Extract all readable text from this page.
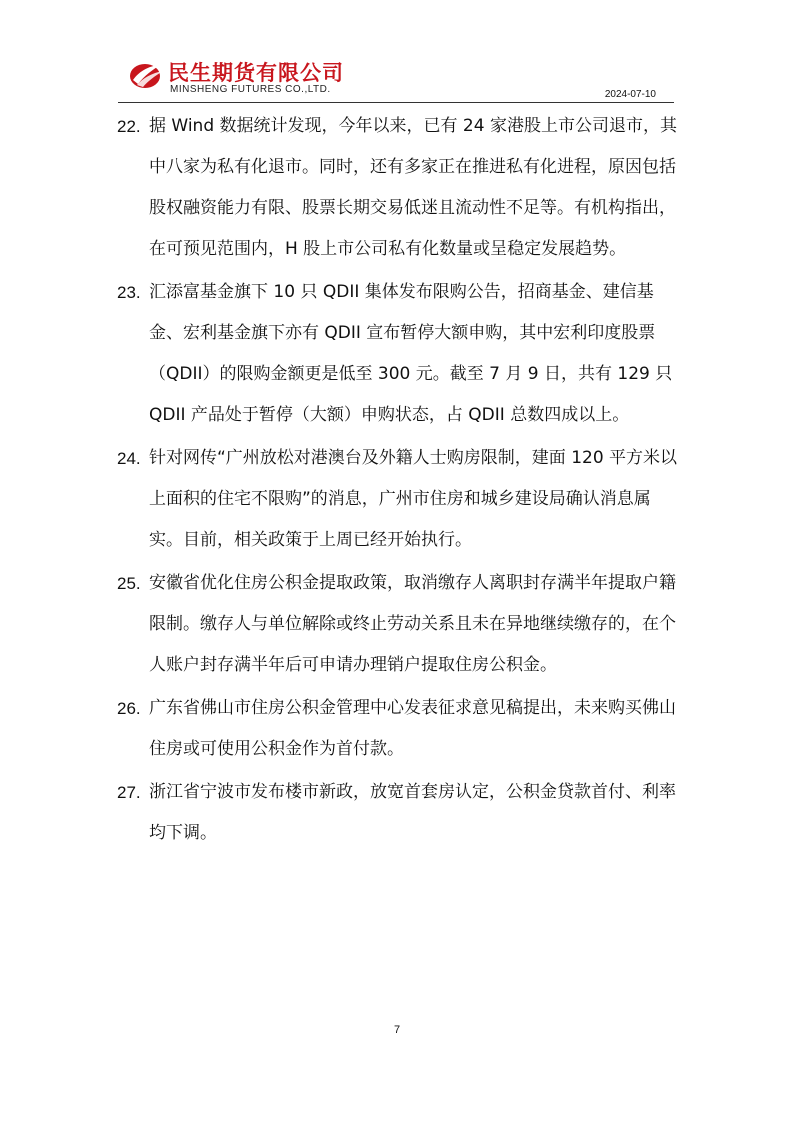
民生期货有限公司
MINSHENG FUTURES CO.,LTD.	2024-07-10
22. 据 Wind 数据统计发现，今年以来，已有 24 家港股上市公司退市，其中八家为私有化退市。同时，还有多家正在推进私有化进程，原因包括股权融资能力有限、股票长期交易低迷且流动性不足等。有机构指出，在可预见范围内，H 股上市公司私有化数量或呈稳定发展趋势。
23. 汇添富基金旗下 10 只 QDII 集体发布限购公告，招商基金、建信基金、宏利基金旗下亦有 QDII 宣布暂停大额申购，其中宏利印度股票（QDII）的限购金额更是低至 300 元。截至 7 月 9 日，共有 129 只 QDII 产品处于暂停（大额）申购状态，占 QDII 总数四成以上。
24. 针对网传“广州放松对港澳台及外籍人士购房限制，建面 120 平方米以上面积的住宅不限购”的消息，广州市住房和城乡建设局确认消息属实。目前，相关政策于上周已经开始执行。
25. 安徽省优化住房公积金提取政策，取消缴存人离职封存满半年提取户籍限制。缴存人与单位解除或终止劳动关系且未在异地继续缴存的，在个人账户封存满半年后可申请办理销户提取住房公积金。
26. 广东省佛山市住房公积金管理中心发表征求意见稿提出，未来购买佛山住房或可使用公积金作为首付款。
27. 浙江省宁波市发布楼市新政，放宽首套房认定，公积金贷款首付、利率均下调。
7
